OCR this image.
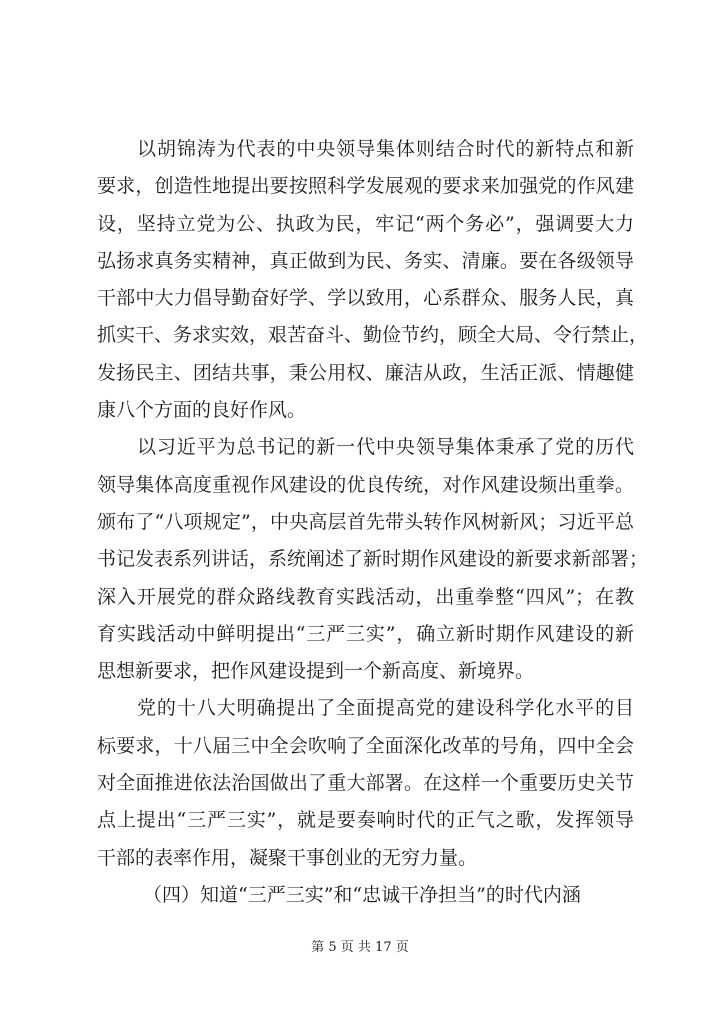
以胡锦涛为代表的中央领导集体则结合时代的新特点和新
要求，创造性地提出要按照科学发展观的要求来加强党的作风建
设，坚持立党为公、执政为民，牢记“两个务必”，强调要大力
弘扬求真务实精神，真正做到为民、务实、清廉。要在各级领导
干部中大力倡导勤奋好学、学以致用，心系群众、服务人民，真
抓实干、务求实效，艰苦奋斗、勤俭节约，顾全大局、令行禁止，
发扬民主、团结共事，秉公用权、廉洁从政，生活正派、情趣健
康八个方面的良好作风。
以习近平为总书记的新一代中央领导集体秉承了党的历代
领导集体高度重视作风建设的优良传统，对作风建设频出重拳。
颁布了“八项规定”，中央高层首先带头转作风树新风；习近平总
书记发表系列讲话，系统阐述了新时期作风建设的新要求新部署；
深入开展党的群众路线教育实践活动，出重拳整“四风”；在教
育实践活动中鲜明提出“三严三实”，确立新时期作风建设的新
思想新要求，把作风建设提到一个新高度、新境界。
党的十八大明确提出了全面提高党的建设科学化水平的目
标要求，十八届三中全会吹响了全面深化改革的号角，四中全会
对全面推进依法治国做出了重大部署。在这样一个重要历史关节
点上提出“三严三实”，就是要奏响时代的正气之歌，发挥领导
干部的表率作用，凝聚干事创业的无穷力量。
（四）知道“三严三实”和“忠诚干净担当”的时代内涵
第 5 页 共 17 页
